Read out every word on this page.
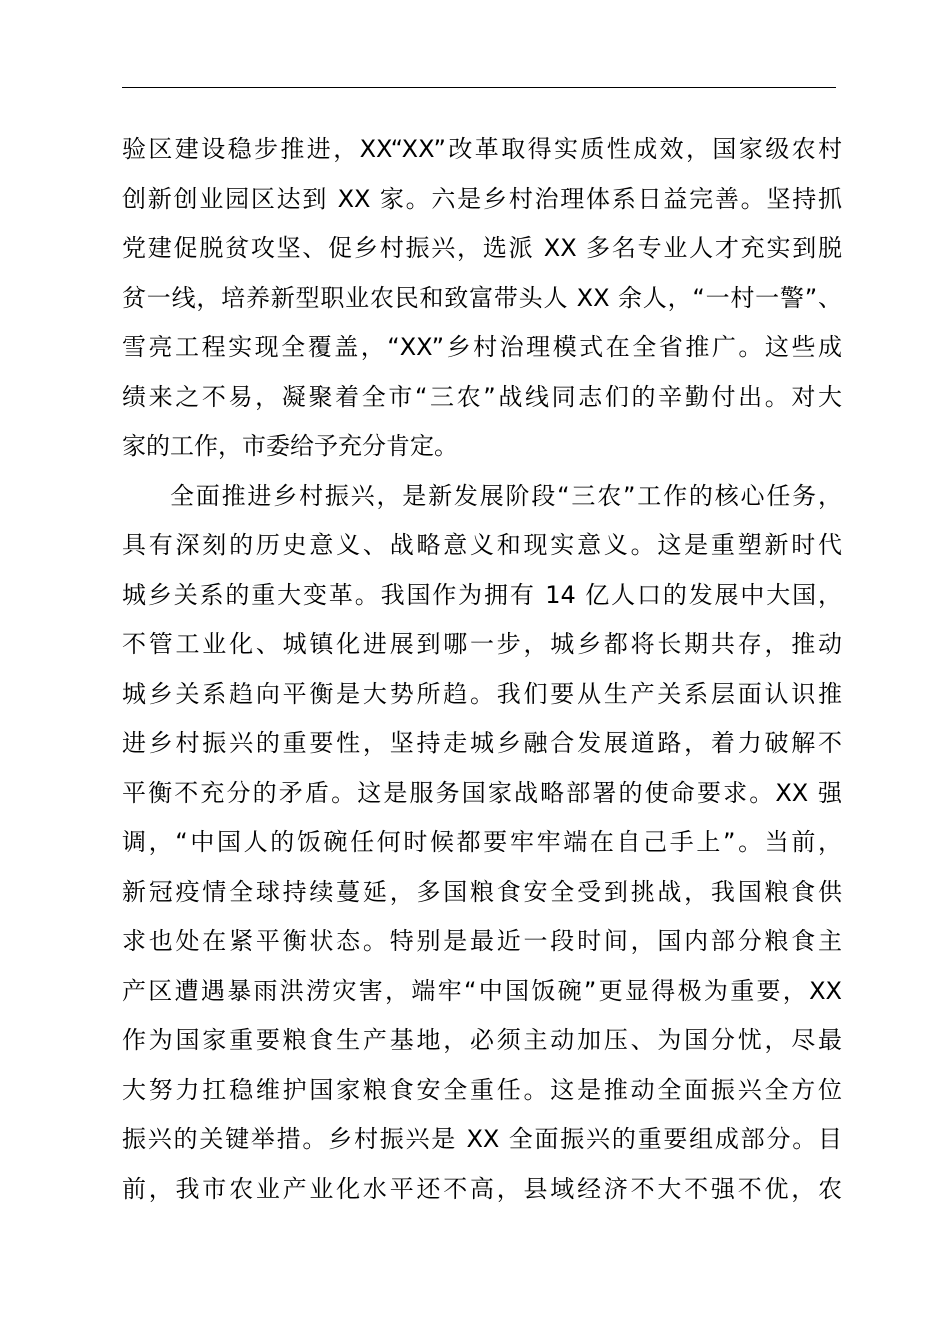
验区建设稳步推进，XX“XX”改革取得实质性成效，国家级农村
创新创业园区达到 XX 家。六是乡村治理体系日益完善。坚持抓
党建促脱贫攻坚、促乡村振兴，选派 XX 多名专业人才充实到脱
贫一线，培养新型职业农民和致富带头人 XX 余人，“一村一警”、
雪亮工程实现全覆盖，“XX”乡村治理模式在全省推广。这些成
绩来之不易，凝聚着全市“三农”战线同志们的辛勤付出。对大
家的工作，市委给予充分肯定。
全面推进乡村振兴，是新发展阶段“三农”工作的核心任务，
具有深刻的历史意义、战略意义和现实意义。这是重塑新时代
城乡关系的重大变革。我国作为拥有 14 亿人口的发展中大国，
不管工业化、城镇化进展到哪一步，城乡都将长期共存，推动
城乡关系趋向平衡是大势所趋。我们要从生产关系层面认识推
进乡村振兴的重要性，坚持走城乡融合发展道路，着力破解不
平衡不充分的矛盾。这是服务国家战略部署的使命要求。XX 强
调，“中国人的饭碗任何时候都要牢牢端在自己手上”。当前，
新冠疫情全球持续蔓延，多国粮食安全受到挑战，我国粮食供
求也处在紧平衡状态。特别是最近一段时间，国内部分粮食主
产区遭遇暴雨洪涝灾害，端牢“中国饭碗”更显得极为重要，XX
作为国家重要粮食生产基地，必须主动加压、为国分忧，尽最
大努力扛稳维护国家粮食安全重任。这是推动全面振兴全方位
振兴的关键举措。乡村振兴是 XX 全面振兴的重要组成部分。目
前，我市农业产业化水平还不高，县域经济不大不强不优，农
